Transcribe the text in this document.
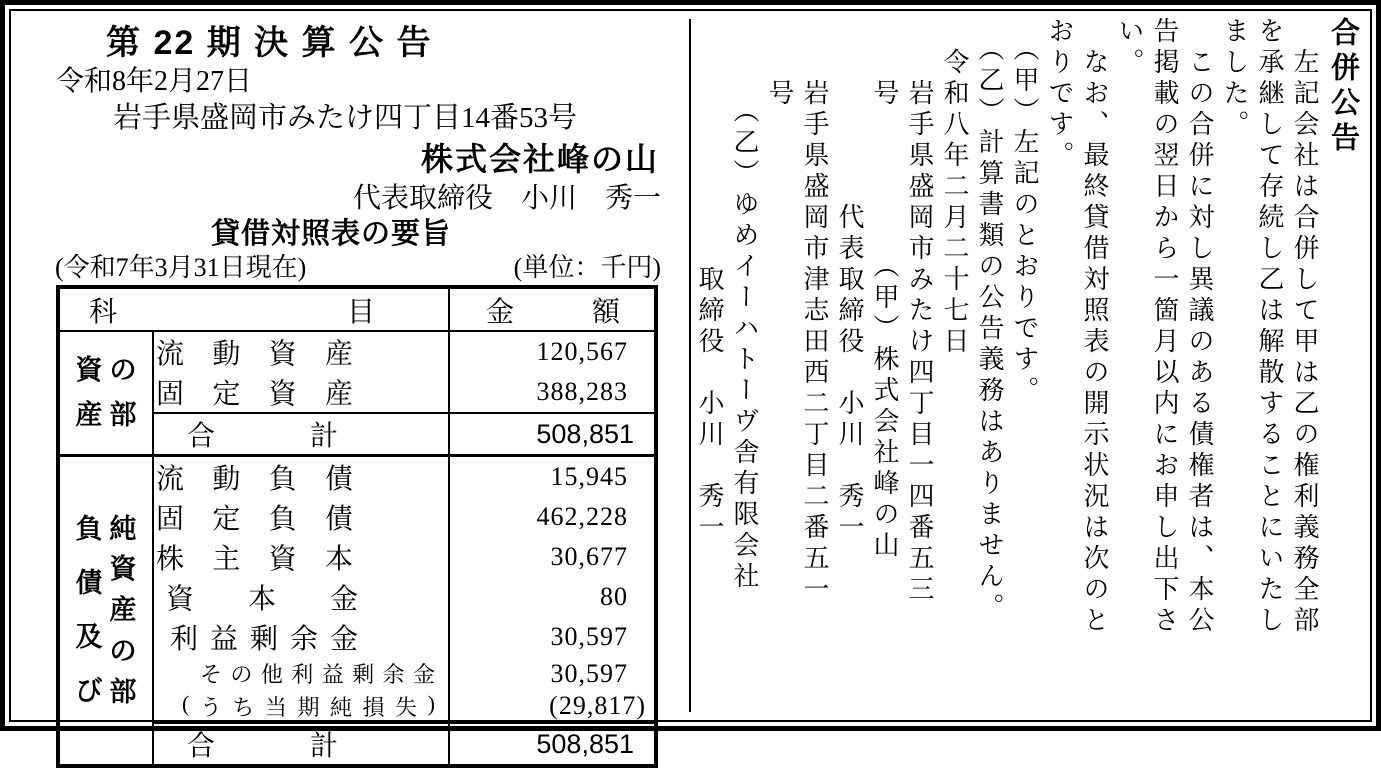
第 22 期 決 算 公 告
令和8年2月27日
岩手県盛岡市みたけ四丁目14番53号
株式会社峰の山
代表取締役　小川　秀一
貸借対照表の要旨
(令和7年3月31日現在)	(単位：千円)
科 目		金 額

資
産
の
部

流 動 資 産	120,567

	固 定 資 産	388,283

	合 計	508,851

負
債
及
び
純
資
産
の
部

流 動 負 債	15,945

	固 定 負 債	462,228

	株 主 資 本	30,677

	資 本 金	80

	利 益 剰 余 金	30,597

そ の 他 利 益 剰 余 金	30,597

( う ち 当 期 純 損 失 )	(29,817)

	合 計	508,851
合併公告
　左記会社は合併して甲は乙の権利義務全部
を承継して存続し乙は解散することにいたし
ました。
　この合併に対し異議のある債権者は、本公
告掲載の翌日から一箇月以内にお申し出下さ
い。
　なお、最終貸借対照表の開示状況は次のと
おりです。
　（甲）左記のとおりです。
　（乙）計算書類の公告義務はありません。
　令和八年二月二十七日
　　岩手県盛岡市みたけ四丁目一四番五三
　　号　　　　　（甲）株式会社峰の山
　　　　　　代表取締役　小川　秀一
　　岩手県盛岡市津志田西二丁目二番五一
　　号
　　　（乙）ゆめイーハトーヴ舎有限会社
　　　　　　　　取締役　小川　秀一
